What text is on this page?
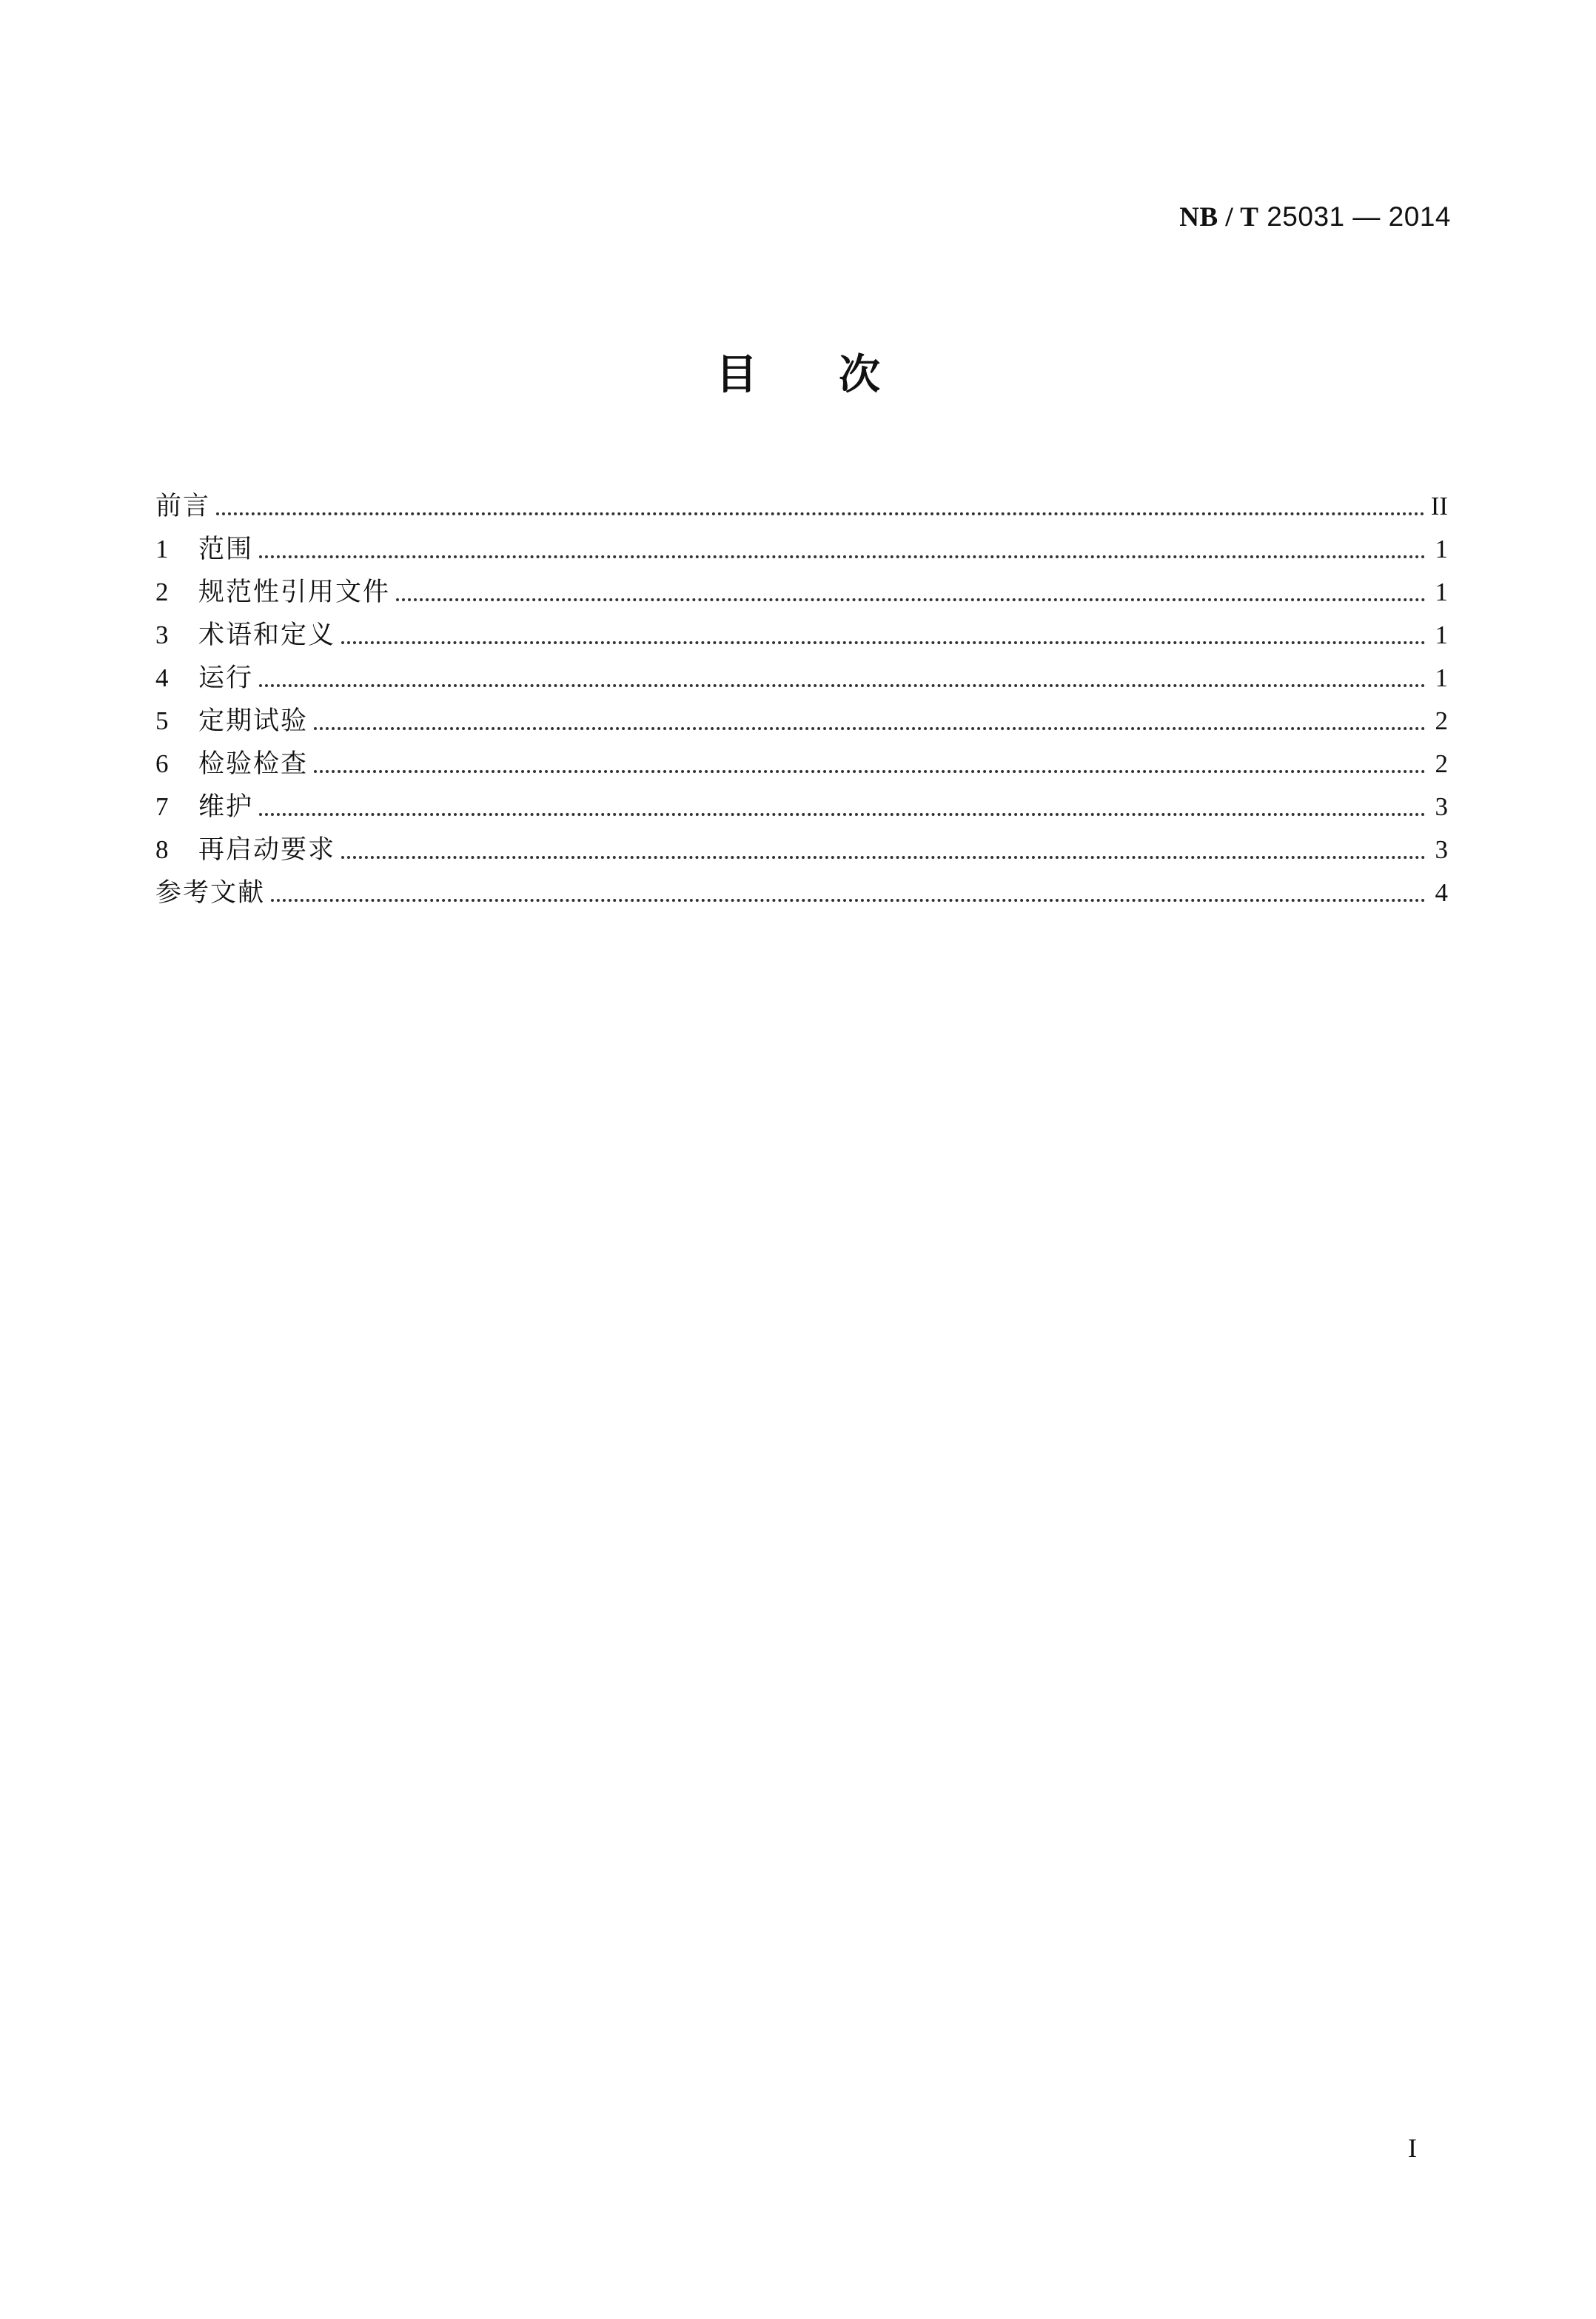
NB / T 25031 — 2014
目 次
前言	II
1	范围	1
2	规范性引用文件	1
3	术语和定义	1
4	运行	1
5	定期试验	2
6	检验检查	2
7	维护	3
8	再启动要求	3
参考文献	4
I
